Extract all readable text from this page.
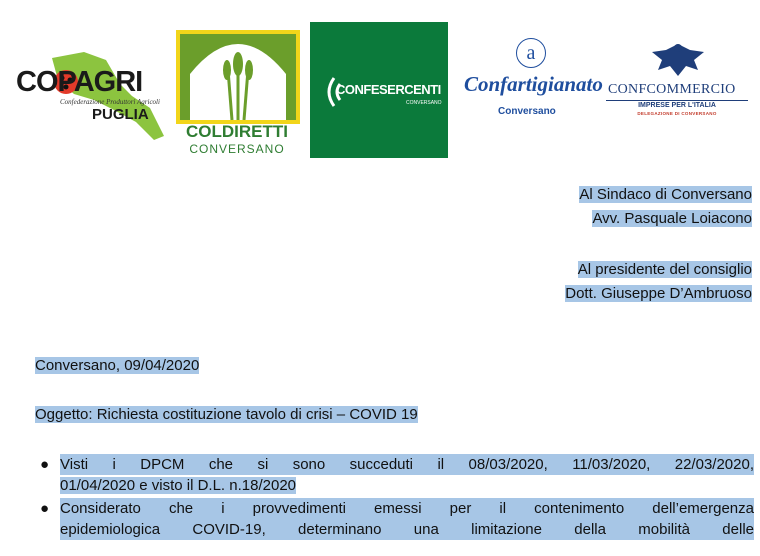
COPAGRI
Confederazione Produttori Agricoli
PUGLIA
COLDIRETTI
CONVERSANO
CONFESERCENTI
CONVERSANO
a
Confartigianato
Conversano
CONFCOMMERCIO
IMPRESE PER L'ITALIA
DELEGAZIONE DI CONVERSANO
Al Sindaco di Conversano
Avv. Pasquale Loiacono
Al presidente del consiglio
Dott. Giuseppe D’Ambruoso
Conversano, 09/04/2020
Oggetto: Richiesta costituzione tavolo di crisi – COVID 19
● Visti i DPCM che si sono succeduti il 08/03/2020, 11/03/2020, 22/03/2020,
01/04/2020 e visto il D.L. n.18/2020
● Considerato che i provvedimenti emessi per il contenimento dell’emergenza
epidemiologica COVID-19, determinano una limitazione della mobilità delle
